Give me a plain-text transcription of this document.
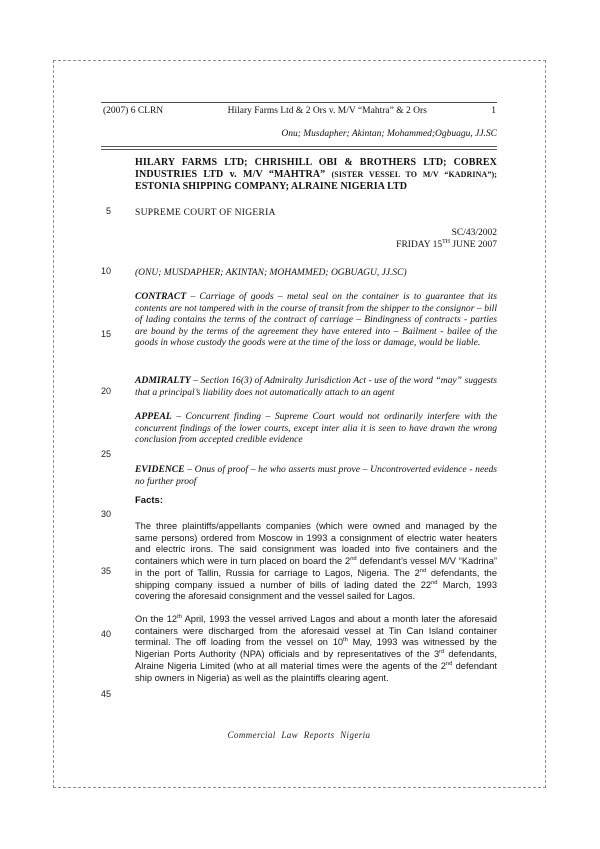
5
10
15
20
25
30
35
40
45
(2007) 6 CLRN	Hilary Farms Ltd & 2 Ors v. M/V “Mahtra” & 2 Ors	1
Onu; Musdapher; Akintan; Mohammed;Ogbuagu, JJ.SC

HILARY FARMS LTD; CHRISHILL OBI & BROTHERS LTD; COBREX INDUSTRIES LTD v. M/V “MAHTRA” (SISTER VESSEL TO M/V “KADRINA”); ESTONIA SHIPPING COMPANY; ALRAINE NIGERIA LTD

SUPREME COURT OF NIGERIA

SC/43/2002
FRIDAY 15TH JUNE 2007

(ONU; MUSDAPHER; AKINTAN; MOHAMMED; OGBUAGU, JJ.SC)

CONTRACT – Carriage of goods – metal seal on the container is to guarantee that its contents are not tampered with in the course of transit from the shipper to the consignor – bill of lading contains the terms of the contract of carriage – Bindingness of contracts - parties are bound by the terms of the agreement they have entered into – Bailment - bailee of the goods in whose custody the goods were at the time of the loss or damage, would be liable.

ADMIRALTY – Section 16(3) of Admiralty Jurisdiction Act - use of the word “may” suggests that a principal’s liability does not automatically attach to an agent

APPEAL – Concurrent finding – Supreme Court would not ordinarily interfere with the concurrent findings of the lower courts, except inter alia it is seen to have drawn the wrong conclusion from accepted credible evidence

EVIDENCE – Onus of proof – he who asserts must prove – Uncontroverted evidence - needs no further proof

Facts:

The three plaintiffs/appellants companies (which were owned and managed by the same persons) ordered from Moscow in 1993 a consignment of electric water heaters and electric irons. The said consignment was loaded into five containers and the containers which were in turn placed on board the 2nd defendant’s vessel M/V “Kadrina” in the port of Tallin, Russia for carriage to Lagos, Nigeria. The 2nd defendants, the shipping company issued a number of bills of lading dated the 22nd March, 1993 covering the aforesaid consignment and the vessel sailed for Lagos.

On the 12th April, 1993 the vessel arrived Lagos and about a month later the aforesaid containers were discharged from the aforesaid vessel at Tin Can Island container terminal. The off loading from the vessel on 10th May, 1993 was witnessed by the Nigerian Ports Authority (NPA) officials and by representatives of the 3rd defendants, Alraine Nigeria Limited (who at all material times were the agents of the 2nd defendant ship owners in Nigeria) as well as the plaintiffs clearing agent.

Commercial Law Reports Nigeria
